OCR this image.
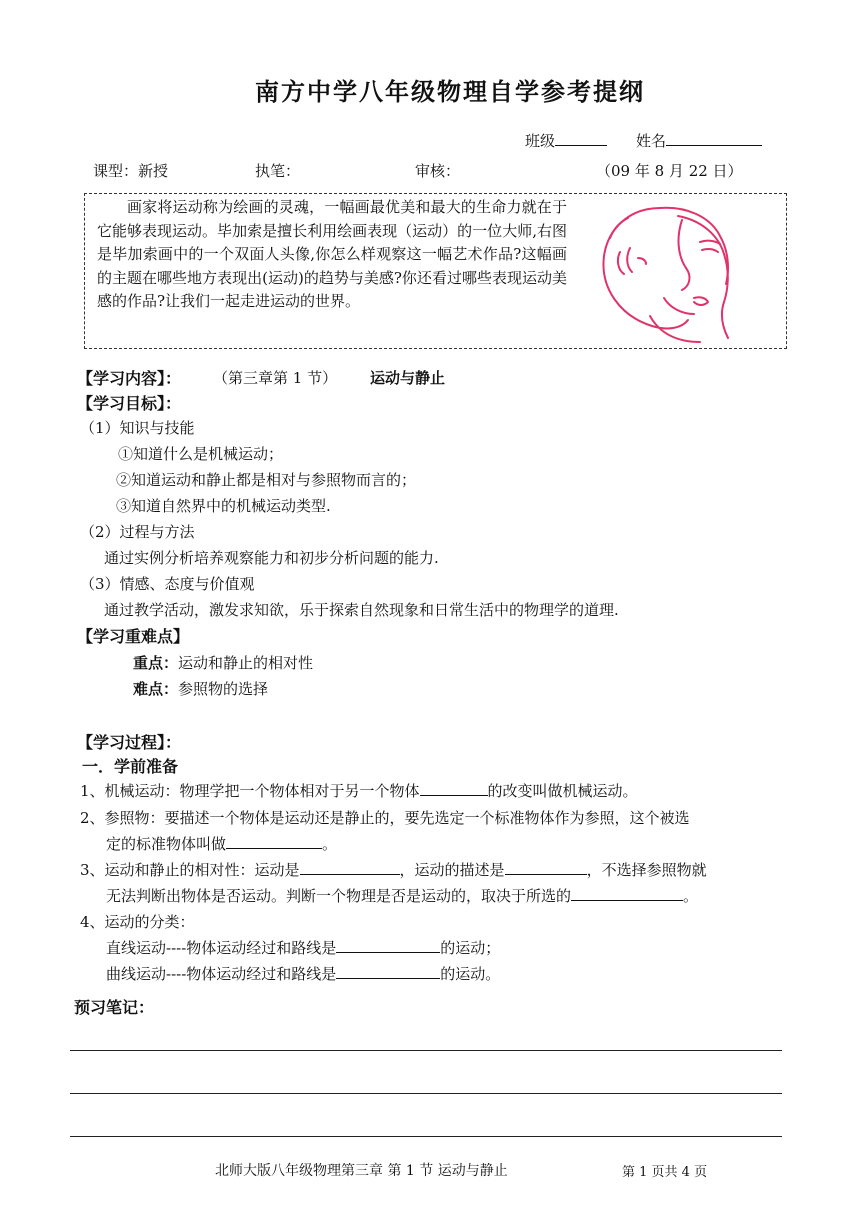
南方中学八年级物理自学参考提纲
班级	姓名
课型：新授	执笔：	审核：	（09 年 8 月 22 日）

画家将运动称为绘画的灵魂，一幅画最优美和最大的生命力就在于它能够表现运动。毕加索是擅长利用绘画表现（运动）的一位大师,右图是毕加索画中的一个双面人头像,你怎么样观察这一幅艺术作品?这幅画的主题在哪些地方表现出(运动)的趋势与美感?你还看过哪些表现运动美感的作品?让我们一起走进运动的世界。

【学习内容】： （第三章第 1 节） 运动与静止
【学习目标】：
（1）知识与技能
①知道什么是机械运动；
②知道运动和静止都是相对与参照物而言的；
③知道自然界中的机械运动类型.
（2）过程与方法
通过实例分析培养观察能力和初步分析问题的能力.
（3）情感、态度与价值观
通过教学活动，激发求知欲，乐于探索自然现象和日常生活中的物理学的道理.
【学习重难点】
重点：运动和静止的相对性
难点：参照物的选择
【学习过程】：
一．学前准备
1、机械运动：物理学把一个物体相对于另一个物体	的改变叫做机械运动。
2、参照物：要描述一个物体是运动还是静止的，要先选定一个标准物体作为参照，这个被选
定的标准物体叫做	。
3、运动和静止的相对性：运动是	，运动的描述是	，不选择参照物就
无法判断出物体是否运动。判断一个物理是否是运动的，取决于所选的	。
4、运动的分类：
直线运动----物体运动经过和路线是	的运动；
曲线运动----物体运动经过和路线是	的运动。
预习笔记：
北师大版八年级物理第三章 第 1 节 运动与静止	第 1 页共 4 页
